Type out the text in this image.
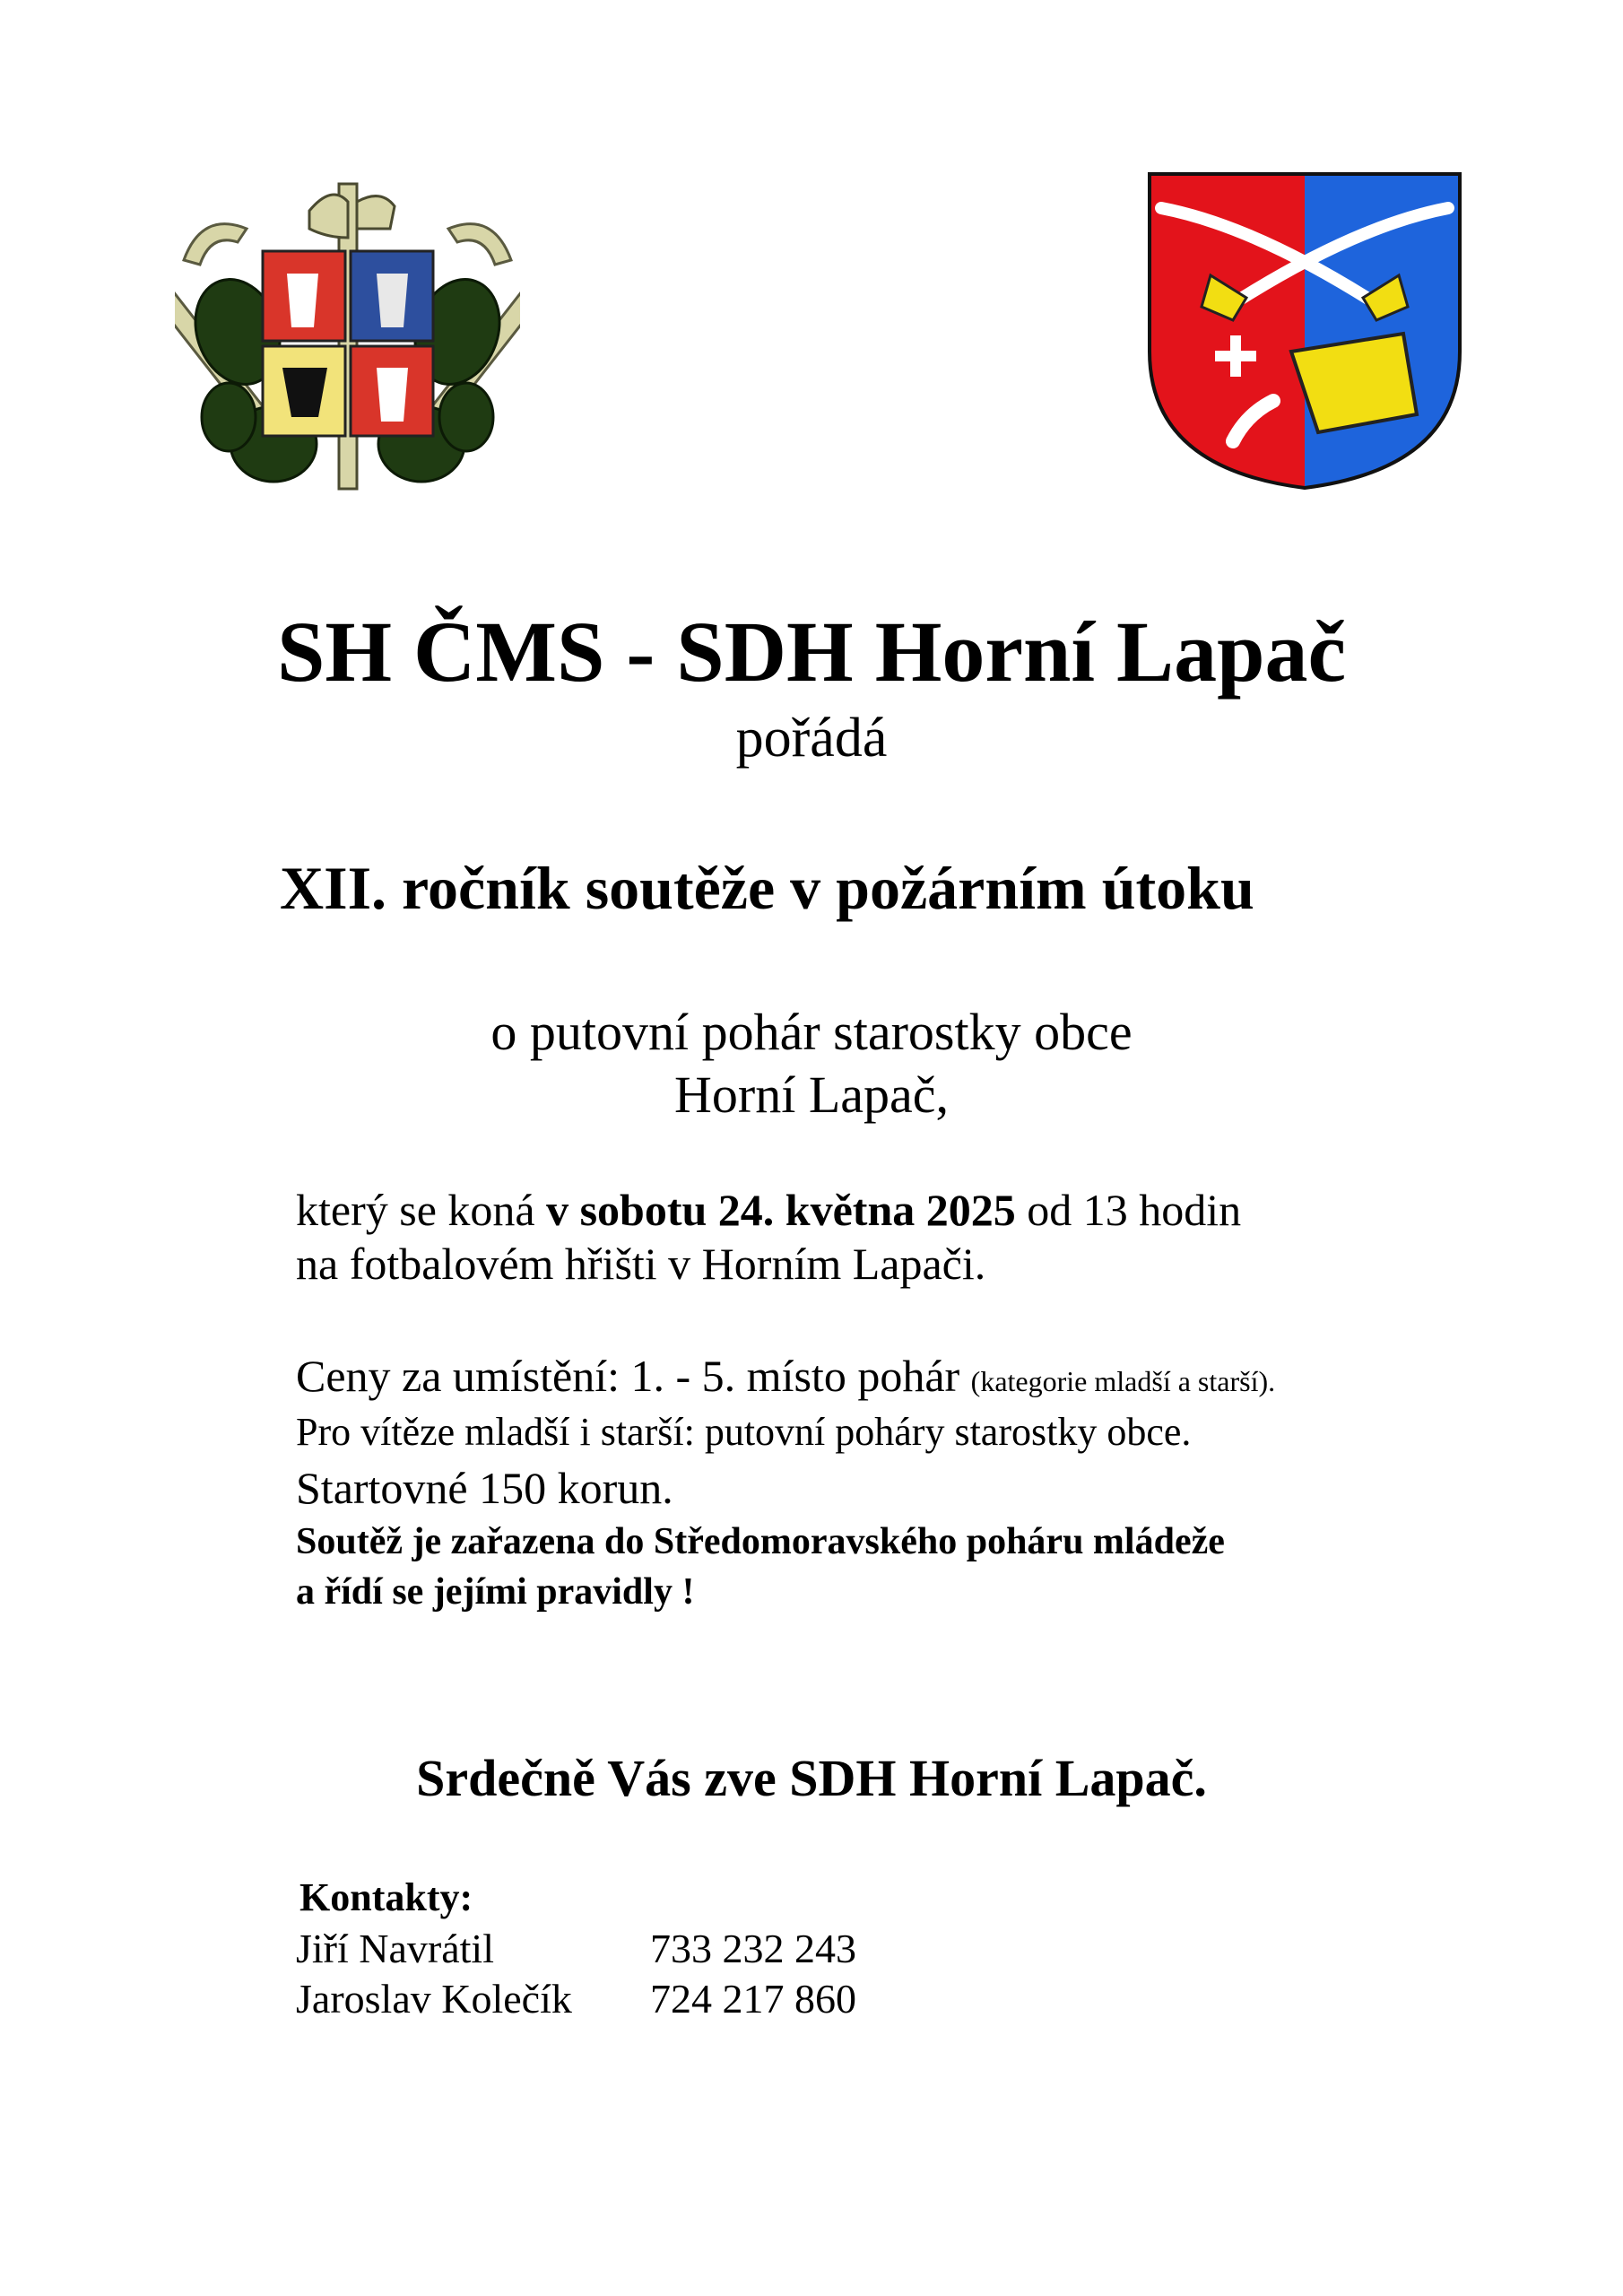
SH ČMS - SDH Horní Lapač
pořádá
XII. ročník soutěže v požárním útoku
o putovní pohár starostky obce
Horní Lapač,
který se koná v sobotu 24. května 2025 od 13 hodin
na fotbalovém hřišti v Horním Lapači.
Ceny za umístění: 1. - 5. místo pohár (kategorie mladší a starší).
Pro vítěze mladší i starší: putovní poháry starostky obce.
Startovné 150 korun.
Soutěž je zařazena do Středomoravského poháru mládeže
a řídí se jejími pravidly !
Srdečně Vás zve SDH Horní Lapač.
Kontakty:
Jiří Navrátil	733 232 243
Jaroslav Kolečík 724 217 860
